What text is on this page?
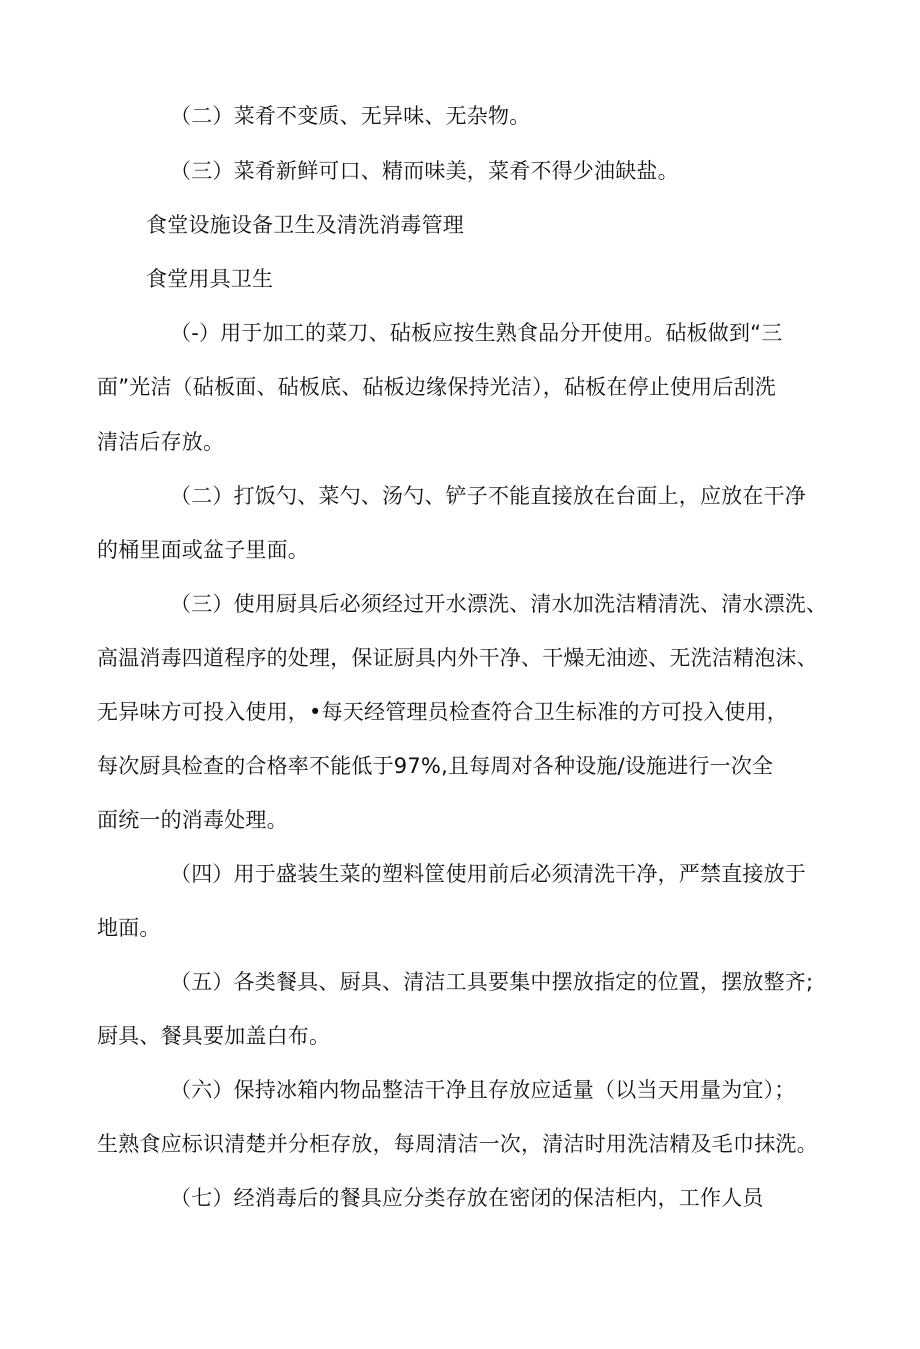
（二）菜肴不变质、无异味、无杂物。
（三）菜肴新鲜可口、精而味美，菜肴不得少油缺盐。
食堂设施设备卫生及清洗消毒管理
食堂用具卫生
（-）用于加工的菜刀、砧板应按生熟食品分开使用。砧板做到“三
面”光洁（砧板面、砧板底、砧板边缘保持光洁），砧板在停止使用后刮洗
清洁后存放。
（二）打饭勺、菜勺、汤勺、铲子不能直接放在台面上，应放在干净
的桶里面或盆子里面。
（三）使用厨具后必须经过开水漂洗、清水加洗洁精清洗、清水漂洗、
高温消毒四道程序的处理，保证厨具内外干净、干燥无油迹、无洗洁精泡沫、
无异味方可投入使用，•每天经管理员检查符合卫生标准的方可投入使用，
每次厨具检查的合格率不能低于97%,且每周对各种设施/设施进行一次全
面统一的消毒处理。
（四）用于盛装生菜的塑料筐使用前后必须清洗干净，严禁直接放于
地面。
（五）各类餐具、厨具、清洁工具要集中摆放指定的位置，摆放整齐;
厨具、餐具要加盖白布。
（六）保持冰箱内物品整洁干净且存放应适量（以当天用量为宜）；
生熟食应标识清楚并分柜存放，每周清洁一次，清洁时用洗洁精及毛巾抹洗。
（七）经消毒后的餐具应分类存放在密闭的保洁柜内，工作人员
